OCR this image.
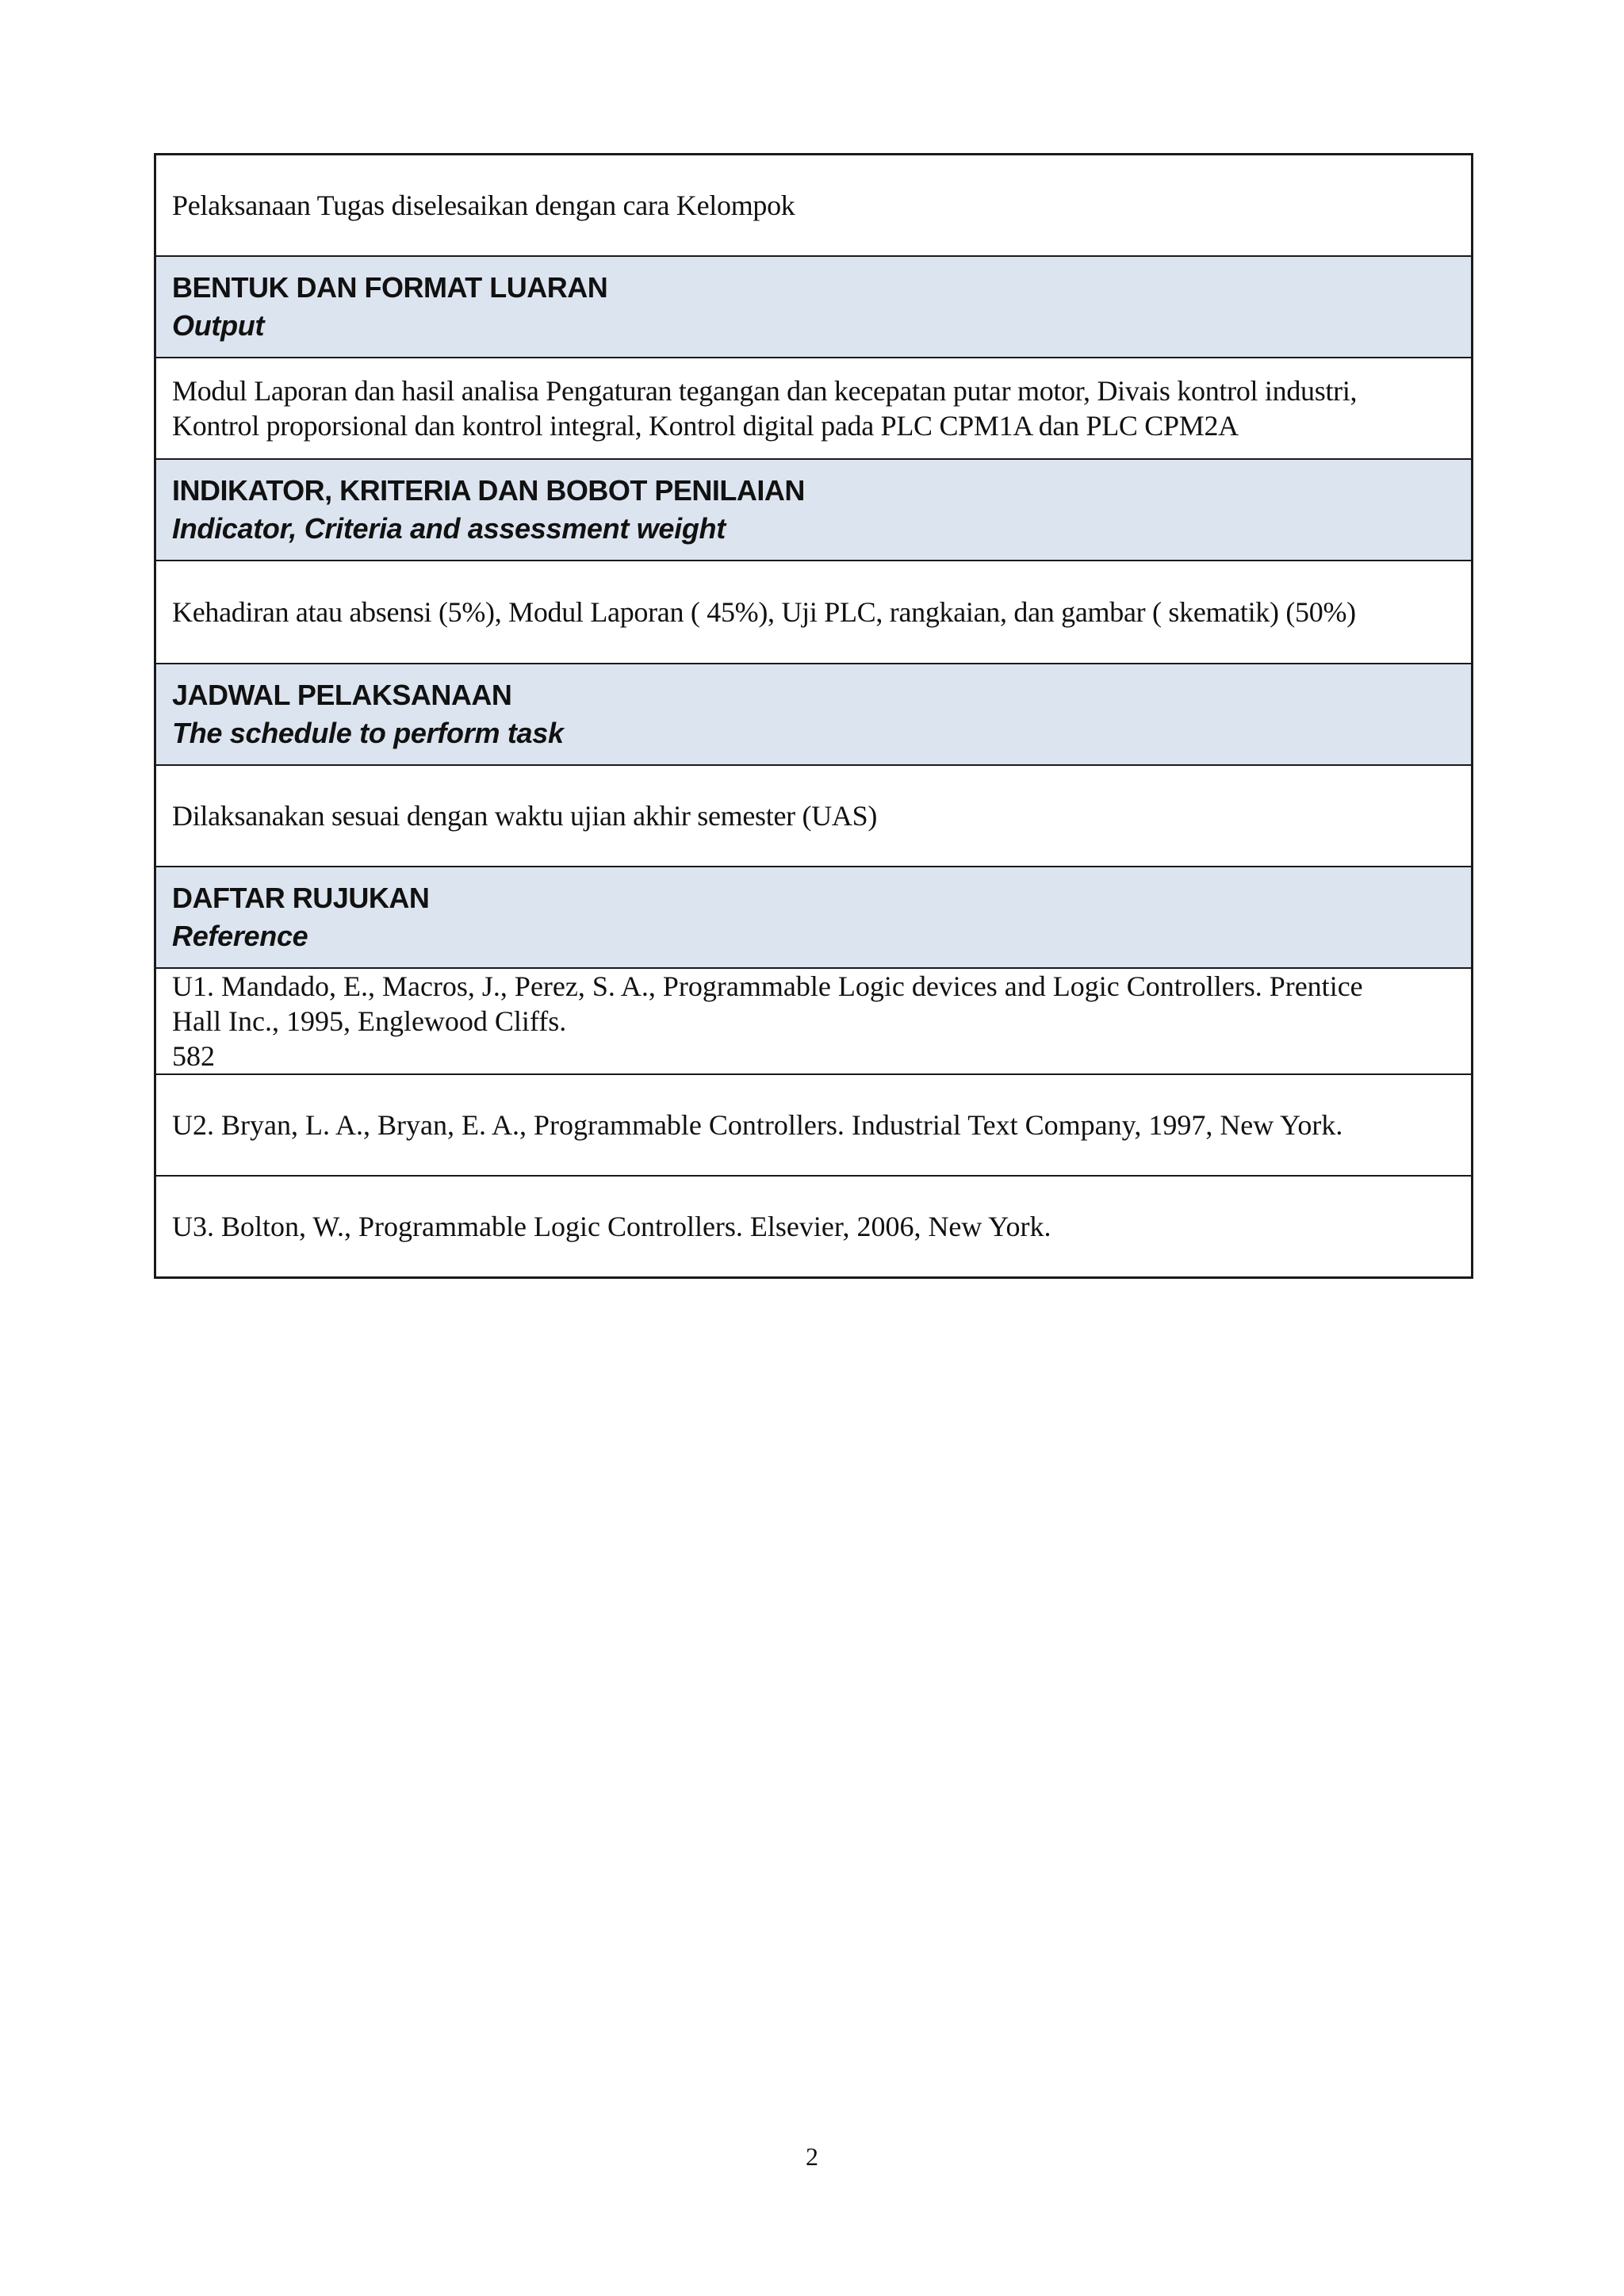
Pelaksanaan Tugas diselesaikan dengan cara Kelompok
BENTUK DAN FORMAT LUARAN
Output
Modul Laporan dan hasil analisa Pengaturan tegangan dan kecepatan putar motor, Divais kontrol industri,
Kontrol proporsional dan kontrol integral, Kontrol digital pada PLC CPM1A dan PLC CPM2A
INDIKATOR, KRITERIA DAN BOBOT PENILAIAN
Indicator, Criteria and assessment weight
Kehadiran atau absensi (5%), Modul Laporan ( 45%), Uji PLC, rangkaian, dan gambar ( skematik) (50%)
JADWAL PELAKSANAAN
The schedule to perform task
Dilaksanakan sesuai dengan waktu ujian akhir semester (UAS)
DAFTAR RUJUKAN
Reference
U1. Mandado, E., Macros, J., Perez, S. A., Programmable Logic devices and Logic Controllers. Prentice
Hall Inc., 1995, Englewood Cliffs.
582
U2. Bryan, L. A., Bryan, E. A., Programmable Controllers. Industrial Text Company, 1997, New York.
U3. Bolton, W., Programmable Logic Controllers. Elsevier, 2006, New York.
2
